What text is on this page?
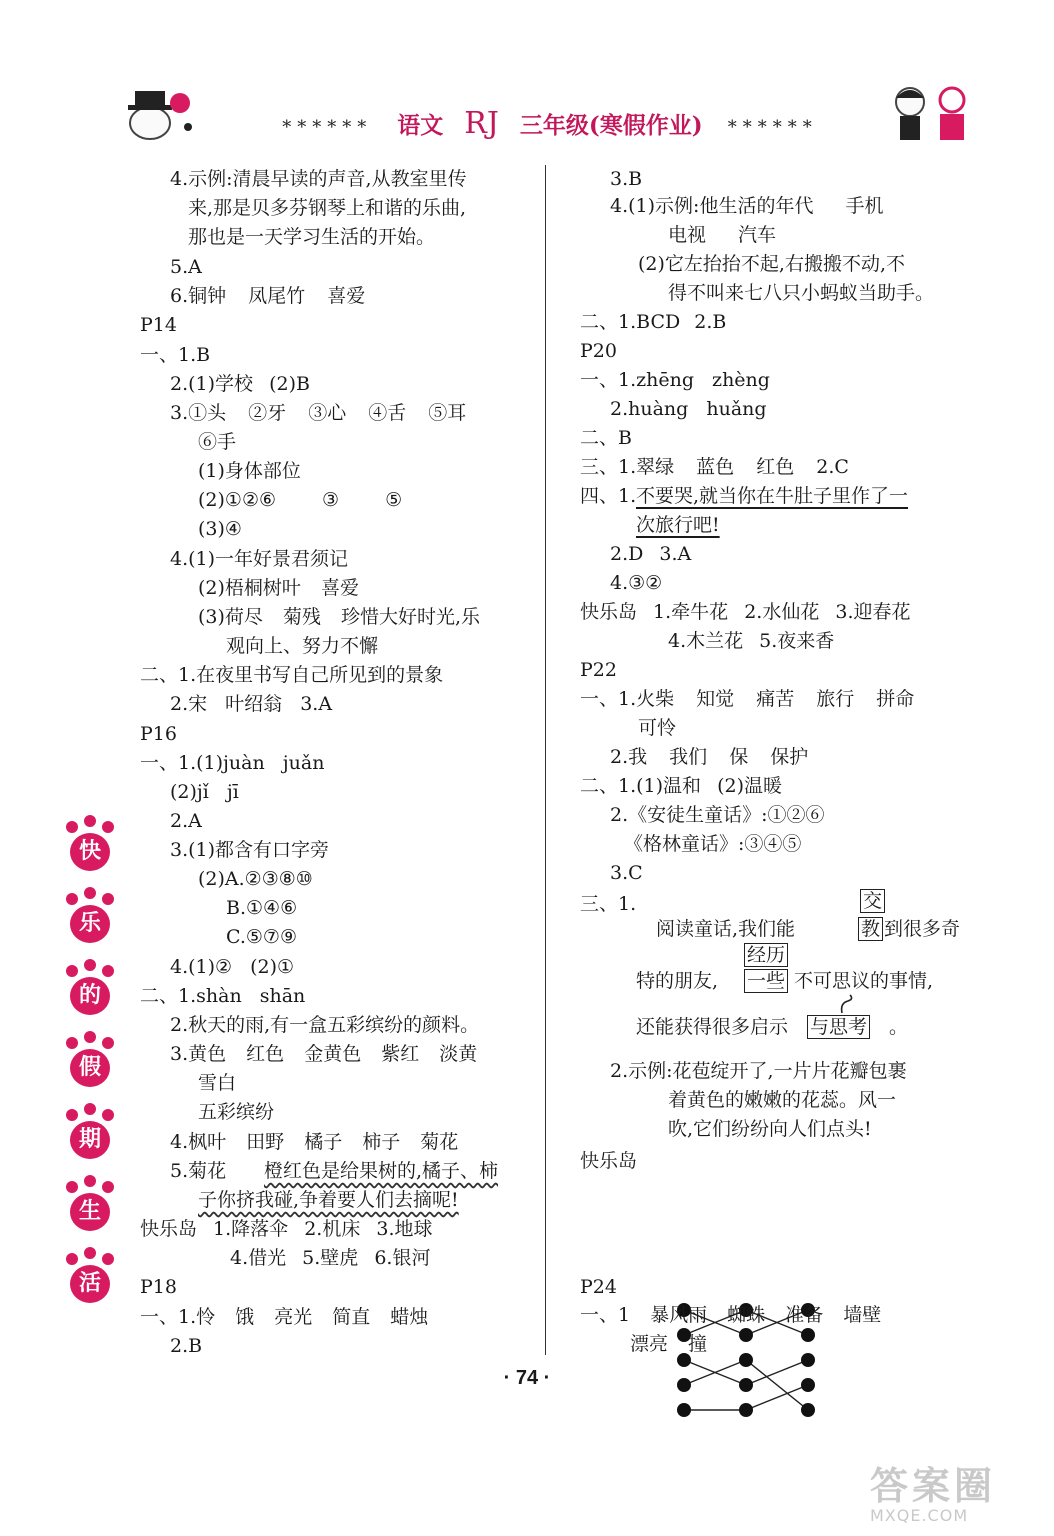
****** 语文 RJ 三年级(寒假作业) ******
4.示例:清晨早读的声音,从教室里传
来,那是贝多芬钢琴上和谐的乐曲,
那也是一天学习生活的开始。
5.A
6.铜钟 凤尾竹 喜爱
P14
一、1.B
2.(1)学校 (2)B
3.①头 ②牙 ③心 ④舌 ⑤耳
⑥手
(1)身体部位
(2)①②⑥ ③ ⑤
(3)④
4.(1)一年好景君须记
(2)梧桐树叶 喜爱
(3)荷尽 菊残 珍惜大好时光,乐
观向上、努力不懈
二、1.在夜里书写自己所见到的景象
2.宋 叶绍翁 3.A
P16
一、1.(1)juàn juǎn
(2)jǐ jī
2.A
3.(1)都含有口字旁
(2)A.②③⑧⑩
B.①④⑥
C.⑤⑦⑨
4.(1)② (2)①
二、1.shàn shān
2.秋天的雨,有一盒五彩缤纷的颜料。
3.黄色 红色 金黄色 紫红 淡黄
雪白
五彩缤纷
4.枫叶 田野 橘子 柿子 菊花
5.菊花 橙红色是给果树的,橘子、柿
子你挤我碰,争着要人们去摘呢!
快乐岛 1.降落伞 2.机床 3.地球
4.借光 5.壁虎 6.银河
P18
一、1.怜 饿 亮光 简直 蜡烛
2.B
3.B
4.(1)示例:他生活的年代 手机
电视 汽车
(2)它左抬抬不起,右搬搬不动,不
得不叫来七八只小蚂蚁当助手。
二、1.BCD 2.B
P20
一、1.zhēng zhèng
2.huàng huǎng
二、B
三、1.翠绿 蓝色 红色 2.C
四、1. 不要哭,就当你在牛肚子里作了一
次旅行吧!
2.D 3.A
4.③②
快乐岛 1.牵牛花 2.水仙花 3.迎春花
4.木兰花 5.夜来香
P22
一、1.火柴 知觉 痛苦 旅行 拼命
可怜
2.我 我们 保 保护
二、1.(1)温和 (2)温暖
2.《安徒生童话》:①②⑥
《格林童话》:③④⑤
3.C
三、1.	交
阅读童话,我们能	教 到很多奇
经历
特的朋友, 一些 不可思议的事情,
还能获得很多启示 与思考 。
2.示例:花苞绽开了,一片片花瓣包裹
着黄色的嫩嫩的花蕊。风一
吹,它们纷纷向人们点头!
快乐岛
P24
一、1 暴风雨 蜘蛛 准备 墙壁
漂亮 撞
快
乐
的
假
期
生
活
· 74 ·
答案圈
MXQE.COM
